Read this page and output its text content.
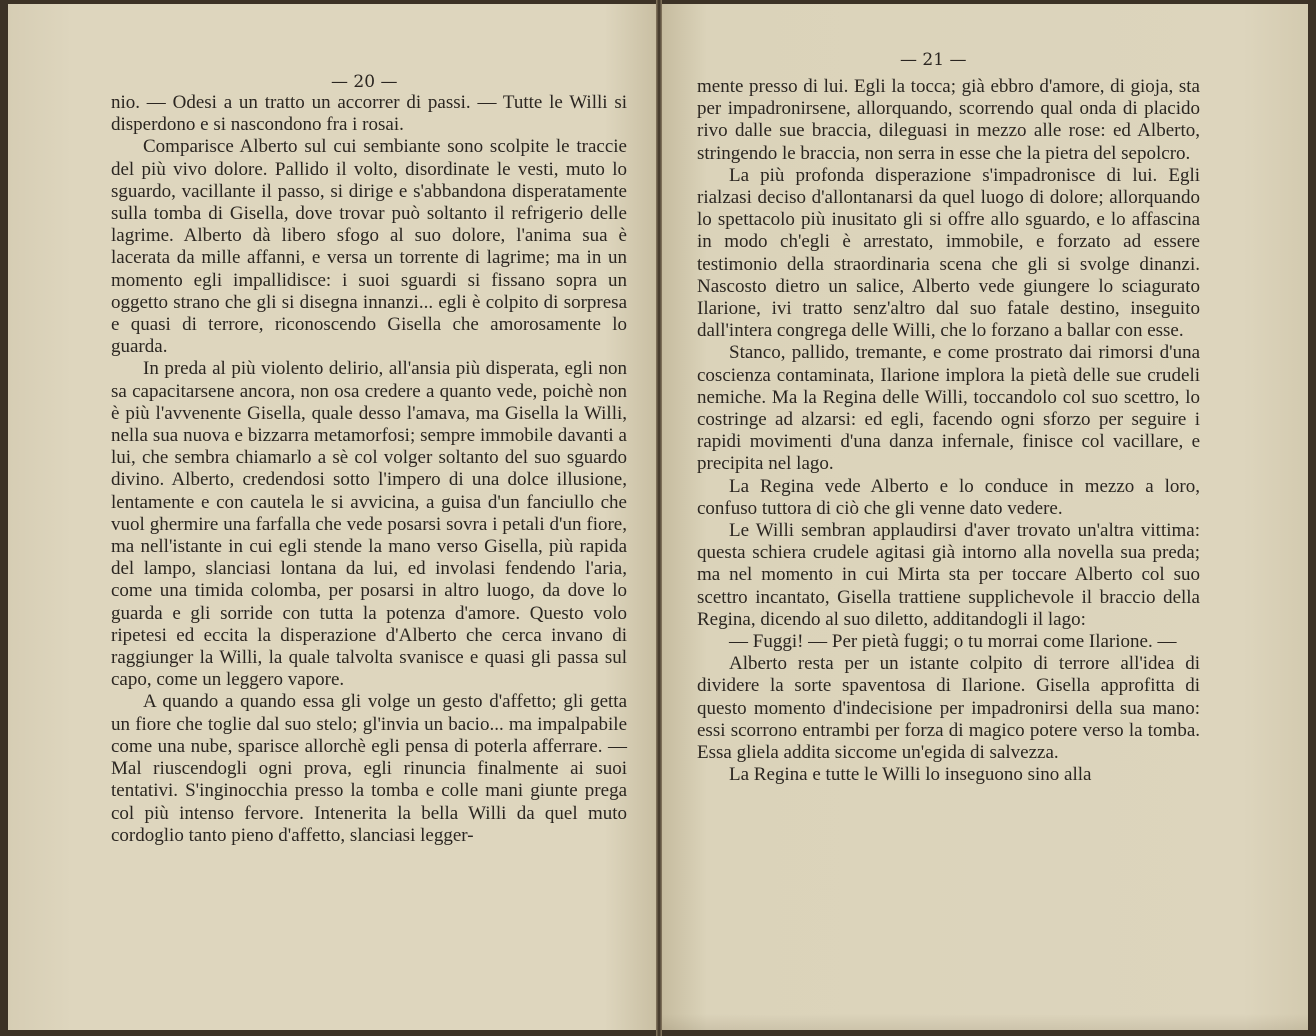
— 20 —

nio. — Odesi a un tratto un accorrer di passi. — Tutte le Willi si disperdono e si nascondono fra i rosai.

Comparisce Alberto sul cui sembiante sono scolpite le traccie del più vivo dolore. Pallido il volto, disordinate le vesti, muto lo sguardo, vacillante il passo, si dirige e s'abbandona disperatamente sulla tomba di Gisella, dove trovar può soltanto il refrigerio delle lagrime. Alberto dà libero sfogo al suo dolore, l'anima sua è lacerata da mille affanni, e versa un torrente di lagrime; ma in un momento egli impallidisce: i suoi sguardi si fissano sopra un oggetto strano che gli si disegna innanzi... egli è colpito di sorpresa e quasi di terrore, riconoscendo Gisella che amorosamente lo guarda.

In preda al più violento delirio, all'ansia più disperata, egli non sa capacitarsene ancora, non osa credere a quanto vede, poichè non è più l'avvenente Gisella, quale desso l'amava, ma Gisella la Willi, nella sua nuova e bizzarra metamorfosi; sempre immobile davanti a lui, che sembra chiamarlo a sè col volger soltanto del suo sguardo divino. Alberto, credendosi sotto l'impero di una dolce illusione, lentamente e con cautela le si avvicina, a guisa d'un fanciullo che vuol ghermire una farfalla che vede posarsi sovra i petali d'un fiore, ma nell'istante in cui egli stende la mano verso Gisella, più rapida del lampo, slanciasi lontana da lui, ed involasi fendendo l'aria, come una timida colomba, per posarsi in altro luogo, da dove lo guarda e gli sorride con tutta la potenza d'amore. Questo volo ripetesi ed eccita la disperazione d'Alberto che cerca invano di raggiunger la Willi, la quale talvolta svanisce e quasi gli passa sul capo, come un leggero vapore.

A quando a quando essa gli volge un gesto d'affetto; gli getta un fiore che toglie dal suo stelo; gl'invia un bacio... ma impalpabile come una nube, sparisce allorchè egli pensa di poterla afferrare. — Mal riuscendogli ogni prova, egli rinuncia finalmente ai suoi tentativi. S'inginocchia presso la tomba e colle mani giunte prega col più intenso fervore. Intenerita la bella Willi da quel muto cordoglio tanto pieno d'affetto, slanciasi legger-

— 21 —

mente presso di lui. Egli la tocca; già ebbro d'amore, di gioja, sta per impadronirsene, allorquando, scorrendo qual onda di placido rivo dalle sue braccia, dileguasi in mezzo alle rose: ed Alberto, stringendo le braccia, non serra in esse che la pietra del sepolcro.

La più profonda disperazione s'impadronisce di lui. Egli rialzasi deciso d'allontanarsi da quel luogo di dolore; allorquando lo spettacolo più inusitato gli si offre allo sguardo, e lo affascina in modo ch'egli è arrestato, immobile, e forzato ad essere testimonio della straordinaria scena che gli si svolge dinanzi. Nascosto dietro un salice, Alberto vede giungere lo sciagurato Ilarione, ivi tratto senz'altro dal suo fatale destino, inseguito dall'intera congrega delle Willi, che lo forzano a ballar con esse.

Stanco, pallido, tremante, e come prostrato dai rimorsi d'una coscienza contaminata, Ilarione implora la pietà delle sue crudeli nemiche. Ma la Regina delle Willi, toccandolo col suo scettro, lo costringe ad alzarsi: ed egli, facendo ogni sforzo per seguire i rapidi movimenti d'una danza infernale, finisce col vacillare, e precipita nel lago.

La Regina vede Alberto e lo conduce in mezzo a loro, confuso tuttora di ciò che gli venne dato vedere.

Le Willi sembran applaudirsi d'aver trovato un'altra vittima: questa schiera crudele agitasi già intorno alla novella sua preda; ma nel momento in cui Mirta sta per toccare Alberto col suo scettro incantato, Gisella trattiene supplichevole il braccio della Regina, dicendo al suo diletto, additandogli il lago:

— Fuggi! — Per pietà fuggi; o tu morrai come Ilarione. —

Alberto resta per un istante colpito di terrore all'idea di dividere la sorte spaventosa di Ilarione. Gisella approfitta di questo momento d'indecisione per impadronirsi della sua mano: essi scorrono entrambi per forza di magico potere verso la tomba. Essa gliela addita siccome un'egida di salvezza.

La Regina e tutte le Willi lo inseguono sino alla
